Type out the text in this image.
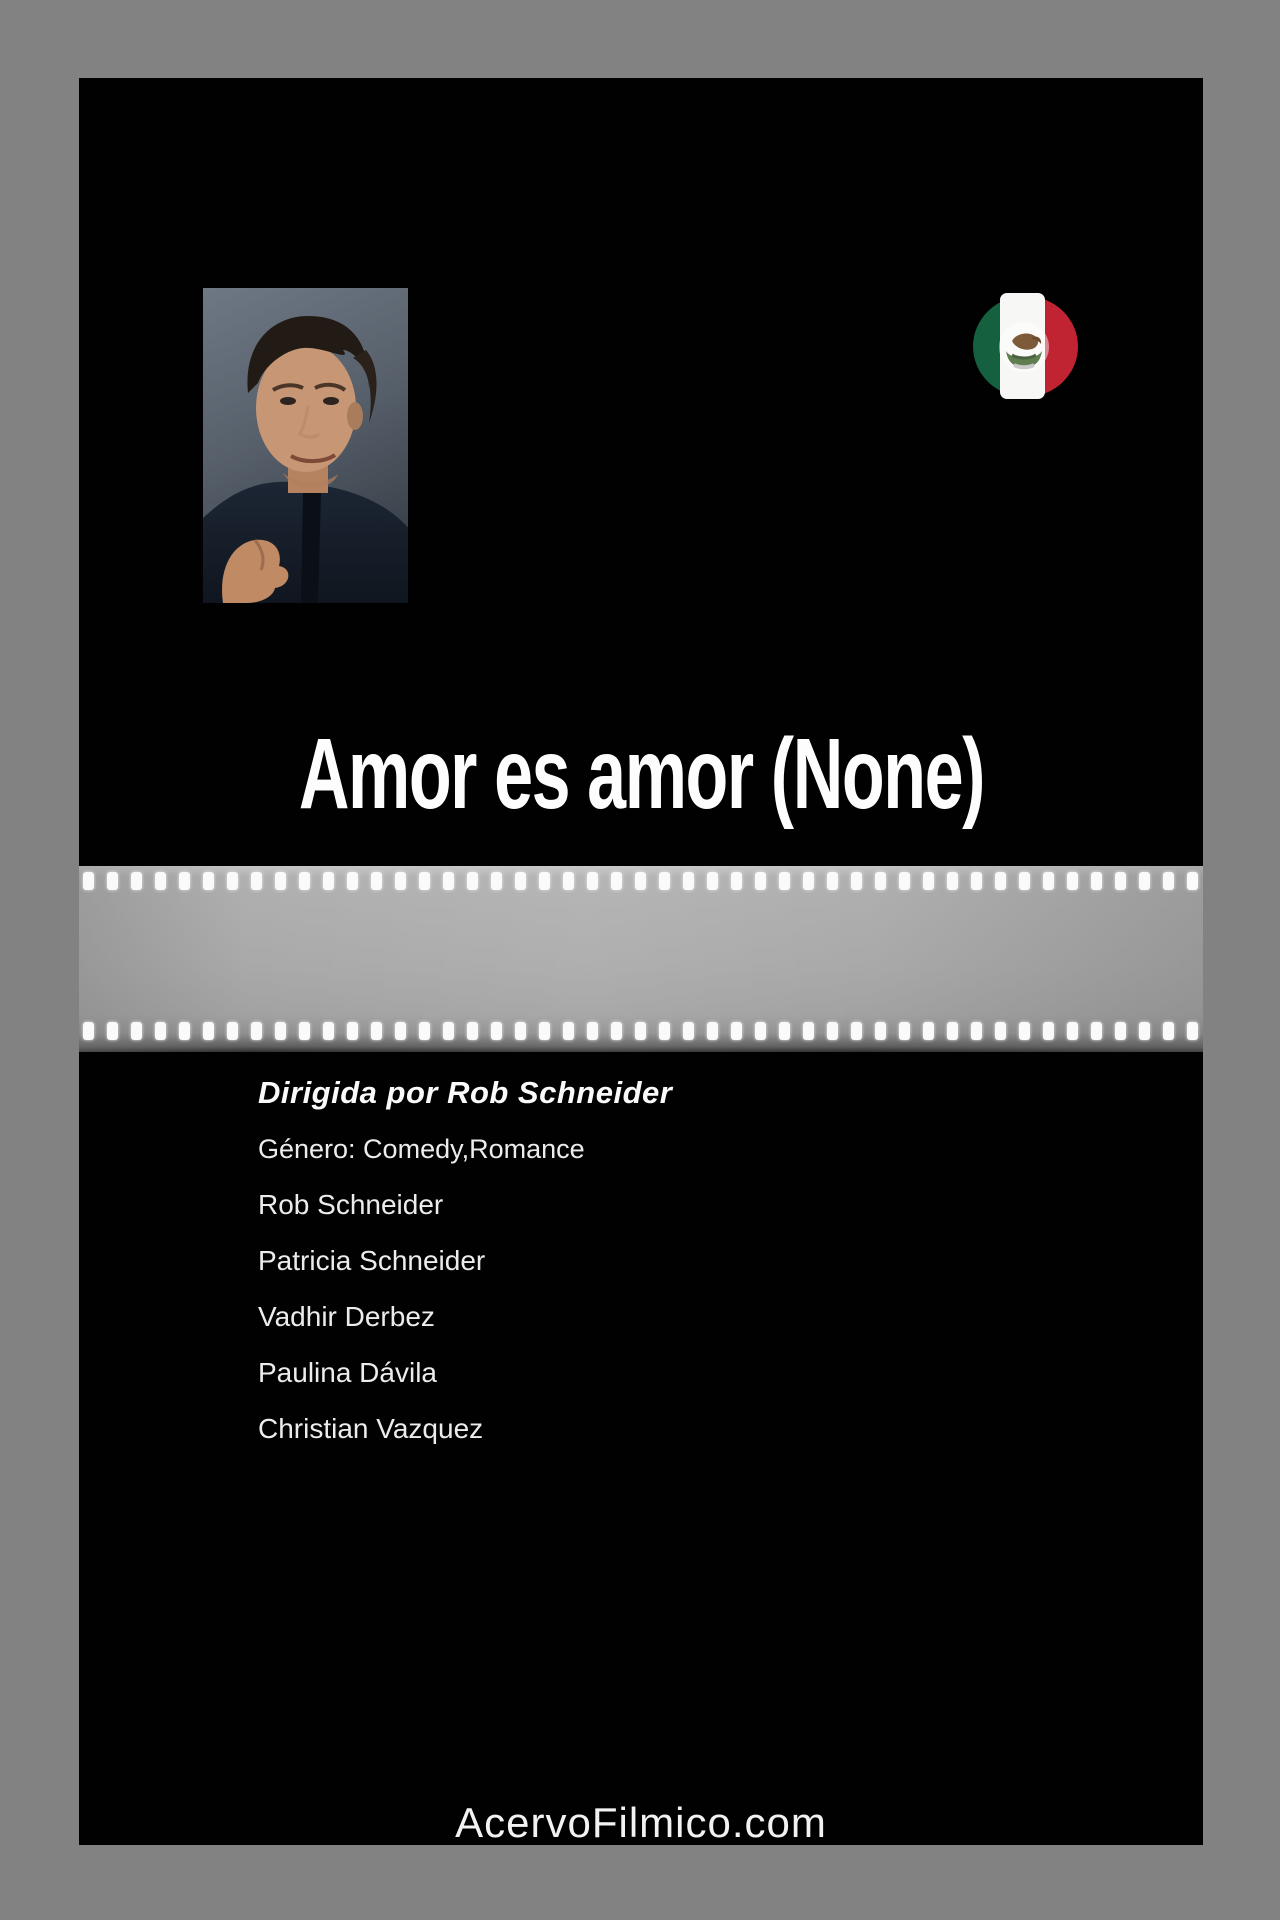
Amor es amor (None)
Dirigida por Rob Schneider
Género: Comedy,Romance
Rob Schneider
Patricia Schneider
Vadhir Derbez
Paulina Dávila
Christian Vazquez
AcervoFilmico.com
